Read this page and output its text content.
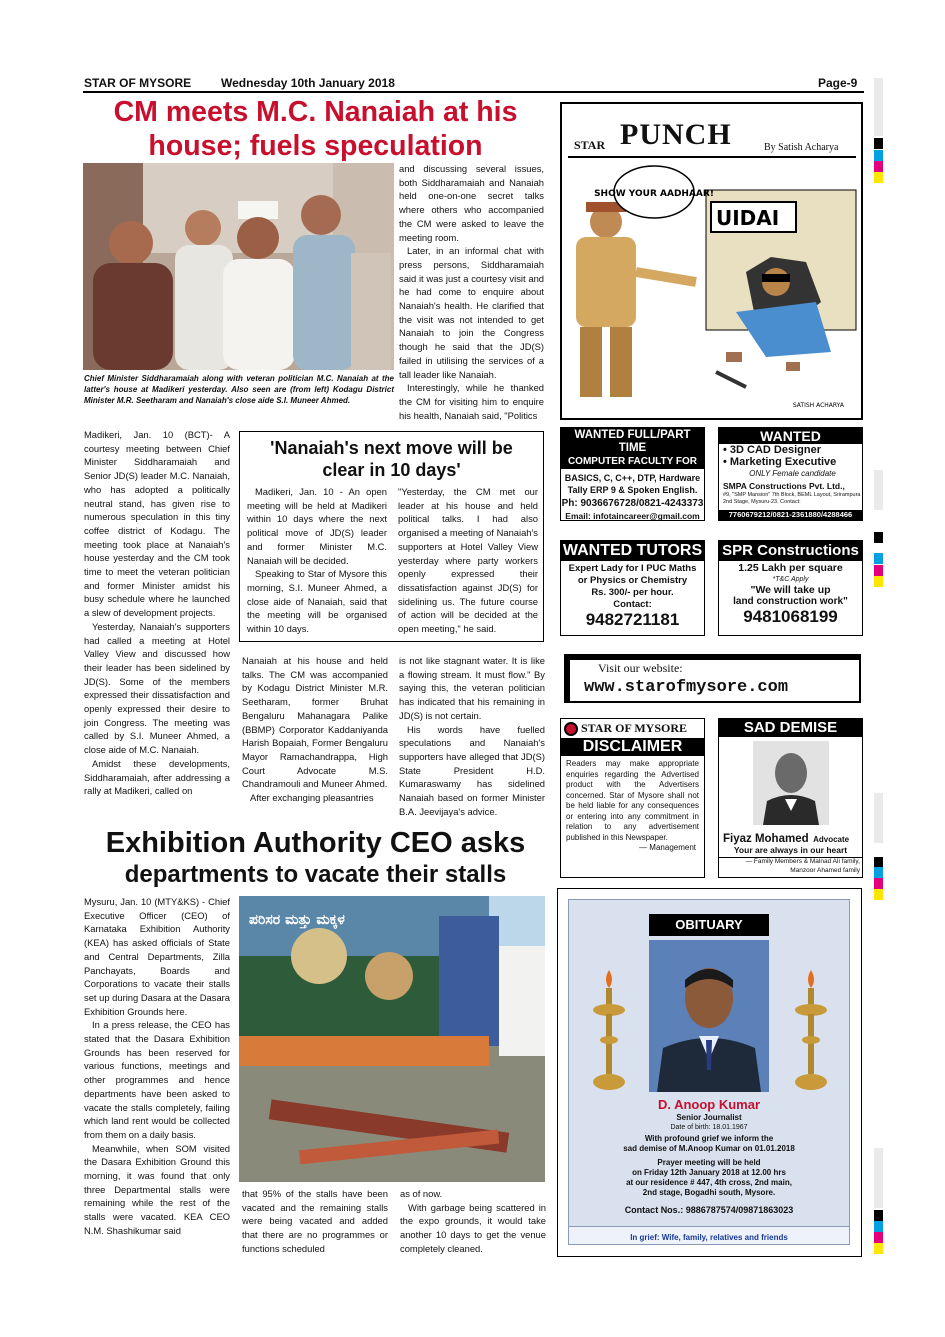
STAR OF MYSORE Wednesday 10th January 2018	Page-9
CM meets M.C. Nanaiah at his
house; fuels speculation
Chief Minister Siddharamaiah along with veteran politician M.C. Nanaiah at the latter's house at Madikeri yesterday. Also seen are (from left) Kodagu District Minister M.R. Seetharam and Nanaiah's close aide S.I. Muneer Ahmed.

and discussing several issues, both Siddharamaiah and Nanaiah held one-on-one secret talks where others who accompanied the CM were asked to leave the meeting room.

Later, in an informal chat with press persons, Siddharamaiah said it was just a courtesy visit and he had come to enquire about Nanaiah's health. He clarified that the visit was not intended to get Nanaiah to join the Congress though he said that the JD(S) failed in utilising the services of a tall leader like Nanaiah.

Interestingly, while he thanked the CM for visiting him to enquire his health, Nanaiah said, "Politics

Madikeri, Jan. 10 (BCT)- A courtesy meeting between Chief Minister Siddharamaiah and Senior JD(S) leader M.C. Nanaiah, who has adopted a politically neutral stand, has given rise to numerous speculation in this tiny coffee district of Kodagu. The meeting took place at Nanaiah's house yesterday and the CM took time to meet the veteran politician and former Minister amidst his busy schedule where he launched a slew of development projects.

Yesterday, Nanaiah's supporters had called a meeting at Hotel Valley View and discussed how their leader has been sidelined by JD(S). Some of the members expressed their dissatisfaction and openly expressed their desire to join Congress. The meeting was called by S.I. Muneer Ahmed, a close aide of M.C. Nanaiah.

Amidst these developments, Siddharamaiah, after addressing a rally at Madikeri, called on

'Nanaiah's next move will be
clear in 10 days'

Madikeri, Jan. 10 - An open meeting will be held at Madikeri within 10 days where the next political move of JD(S) leader and former Minister M.C. Nanaiah will be decided.

Speaking to Star of Mysore this morning, S.I. Muneer Ahmed, a close aide of Nanaiah, said that the meeting will be organised within 10 days.

"Yesterday, the CM met our leader at his house and held political talks. I had also organised a meeting of Nanaiah's supporters at Hotel Valley View yesterday where party workers openly expressed their dissatisfaction against JD(S) for sidelining us. The future course of action will be decided at the open meeting," he said.

Nanaiah at his house and held talks. The CM was accompanied by Kodagu District Minister M.R. Seetharam, former Bruhat Bengaluru Mahanagara Palike (BBMP) Corporator Kaddaniyanda Harish Bopaiah, Former Bengaluru Mayor Ramachandrappa, High Court Advocate M.S. Chandramouli and Muneer Ahmed.

After exchanging pleasantries

is not like stagnant water. It is like a flowing stream. It must flow." By saying this, the veteran politician has indicated that his remaining in JD(S) is not certain.

His words have fuelled speculations and Nanaiah's supporters have alleged that JD(S) State President H.D. Kumaraswamy has sidelined Nanaiah based on former Minister B.A. Jeevijaya's advice.

Exhibition Authority CEO asks
departments to vacate their stalls

Mysuru, Jan. 10 (MTY&KS) - Chief Executive Officer (CEO) of Karnataka Exhibition Authority (KEA) has asked officials of State and Central Departments, Zilla Panchayats, Boards and Corporations to vacate their stalls set up during Dasara at the Dasara Exhibition Grounds here.

In a press release, the CEO has stated that the Dasara Exhibition Grounds has been reserved for various functions, meetings and other programmes and hence departments have been asked to vacate the stalls completely, failing which land rent would be collected from them on a daily basis.

Meanwhile, when SOM visited the Dasara Exhibition Ground this morning, it was found that only three Departmental stalls were remaining while the rest of the stalls were vacated. KEA CEO N.M. Shashikumar said

ಪರಿಸರ ಮತ್ತು ಮಕ್ಕಳ

that 95% of the stalls have been vacated and the remaining stalls were being vacated and added that there are no programmes or functions scheduled

as of now.

With garbage being scattered in the expo grounds, it would take another 10 days to get the venue completely cleaned.

STAR PUNCH	By Satish Acharya
UIDAI
SHOW YOUR AADHAAR!
SATISH ACHARYA
WANTED FULL/PART TIME
COMPUTER FACULTY FOR
BASICS, C, C++, DTP, Hardware
Tally ERP 9 & Spoken English.
Ph: 9036676728/0821-4243373
Email: infotaincareer@gmail.com
WANTED
• 3D CAD Designer
• Marketing Executive
ONLY Female candidate
SMPA Constructions Pvt. Ltd.,
#9, "SMP Mansion" 7th Block, BEML Layout, Srirampura 2nd Stage, Mysuru-23. Contact:
7760679212/0821-2361880/4288466
WANTED TUTORS
Expert Lady for I PUC Maths
or Physics or Chemistry
Rs. 300/- per hour.
Contact:
9482721181
SPR Constructions
1.25 Lakh per square
*T&C Apply
"We will take up
land construction work"
9481068199
Visit our website:
www.starofmysore.com
STAR OF MYSORE
DISCLAIMER
Readers may make appropriate enquiries regarding the Advertised product with the Advertisers concerned. Star of Mysore shall not be held liable for any consequences or entering into any commitment in relation to any advertisement published in this Newspaper.
— Management
SAD DEMISE
Fiyaz Mohamed Advocate
Your are always in our heart
— Family Members & Malnad Ali family,
Manzoor Ahamed family
OBITUARY
D. Anoop Kumar
Senior Journalist
Date of birth: 18.01.1967
With profound grief we inform the
sad demise of M.Anoop Kumar on 01.01.2018
Prayer meeting will be held
on Friday 12th January 2018 at 12.00 hrs
at our residence # 447, 4th cross, 2nd main,
2nd stage, Bogadhi south, Mysore.
Contact Nos.: 9886787574/09871863023
In grief: Wife, family, relatives and friends
